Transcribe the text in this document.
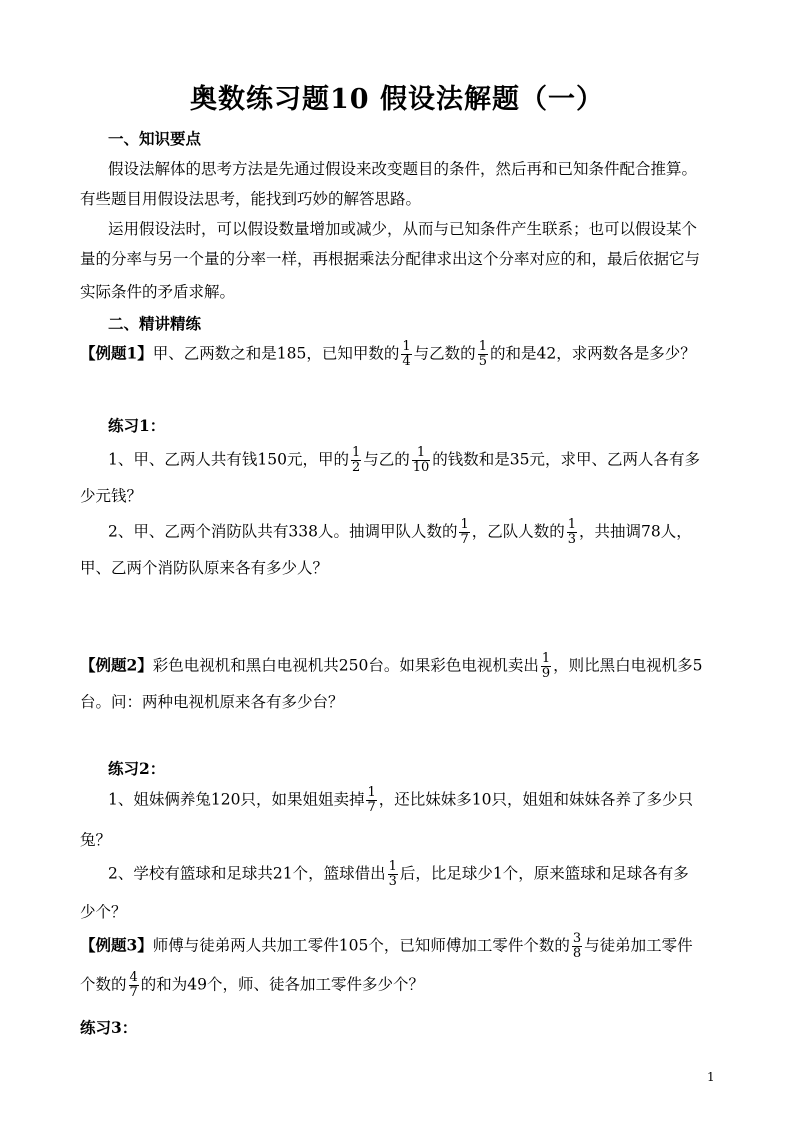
奥数练习题10 假设法解题（一）
一、知识要点
假设法解体的思考方法是先通过假设来改变题目的条件，然后再和已知条件配合推算。
有些题目用假设法思考，能找到巧妙的解答思路。
运用假设法时，可以假设数量增加或减少，从而与已知条件产生联系；也可以假设某个
量的分率与另一个量的分率一样，再根据乘法分配律求出这个分率对应的和，最后依据它与
实际条件的矛盾求解。
二、精讲精练
【例题1】甲、乙两数之和是185，已知甲数的 $\frac{1}{4}$ 与乙数的 $\frac{1}{5}$ 的和是42，求两数各是多少？
练习1：
1、甲、乙两人共有钱150元，甲的 $\frac{1}{2}$ 与乙的 $\frac{1}{10}$ 的钱数和是35元，求甲、乙两人各有多
少元钱？
2、甲、乙两个消防队共有338人。抽调甲队人数的 $\frac{1}{7}$ ，乙队人数的 $\frac{1}{3}$ ，共抽调78人，
甲、乙两个消防队原来各有多少人？
【例题2】彩色电视机和黑白电视机共250台。如果彩色电视机卖出 $\frac{1}{9}$ ，则比黑白电视机多5
台。问：两种电视机原来各有多少台？
练习2：
1、姐妹俩养兔120只，如果姐姐卖掉 $\frac{1}{7}$ ，还比妹妹多10只，姐姐和妹妹各养了多少只
兔？
2、学校有篮球和足球共21个，篮球借出 $\frac{1}{3}$ 后，比足球少1个，原来篮球和足球各有多
少个？
【例题3】师傅与徒弟两人共加工零件105个，已知师傅加工零件个数的 $\frac{3}{8}$ 与徒弟加工零件
个数的 $\frac{4}{7}$ 的和为49个，师、徒各加工零件多少个？
练习3：
1
